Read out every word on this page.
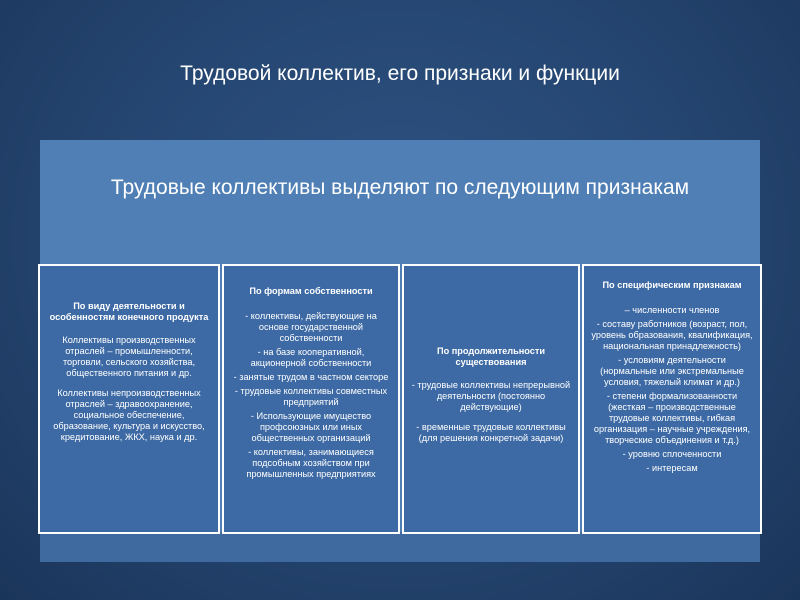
Трудовой коллектив, его признаки и функции
Трудовые коллективы выделяют по следующим признакам
По виду деятельности и особенностям конечного продукта
Коллективы производственных отраслей – промышленности, торговли, сельского хозяйства, общественного питания и др.
Коллективы непроизводственных отраслей – здравоохранение, социальное обеспечение, образование, культура и искусство, кредитование, ЖКХ, наука и др.
По формам собственности
- коллективы, действующие на основе государственной собственности
- на базе кооперативной, акционерной собственности
- занятые трудом в частном секторе
- трудовые коллективы совместных предприятий
- Использующие имущество профсоюзных или иных общественных организаций
- коллективы, занимающиеся подсобным хозяйством при промышленных предприятиях
По продолжительности существования
- трудовые коллективы непрерывной деятельности (постоянно действующие)
- временные трудовые коллективы (для решения конкретной задачи)
По специфическим признакам
– численности членов
- составу работников (возраст, пол, уровень образования, квалификация, национальная принадлежность)
- условиям деятельности (нормальные или экстремальные условия, тяжелый климат и др.)
- степени формализованности (жесткая – производственные трудовые коллективы, гибкая организация – научные учреждения, творческие объединения и т.д.)
- уровню сплоченности
- интересам
